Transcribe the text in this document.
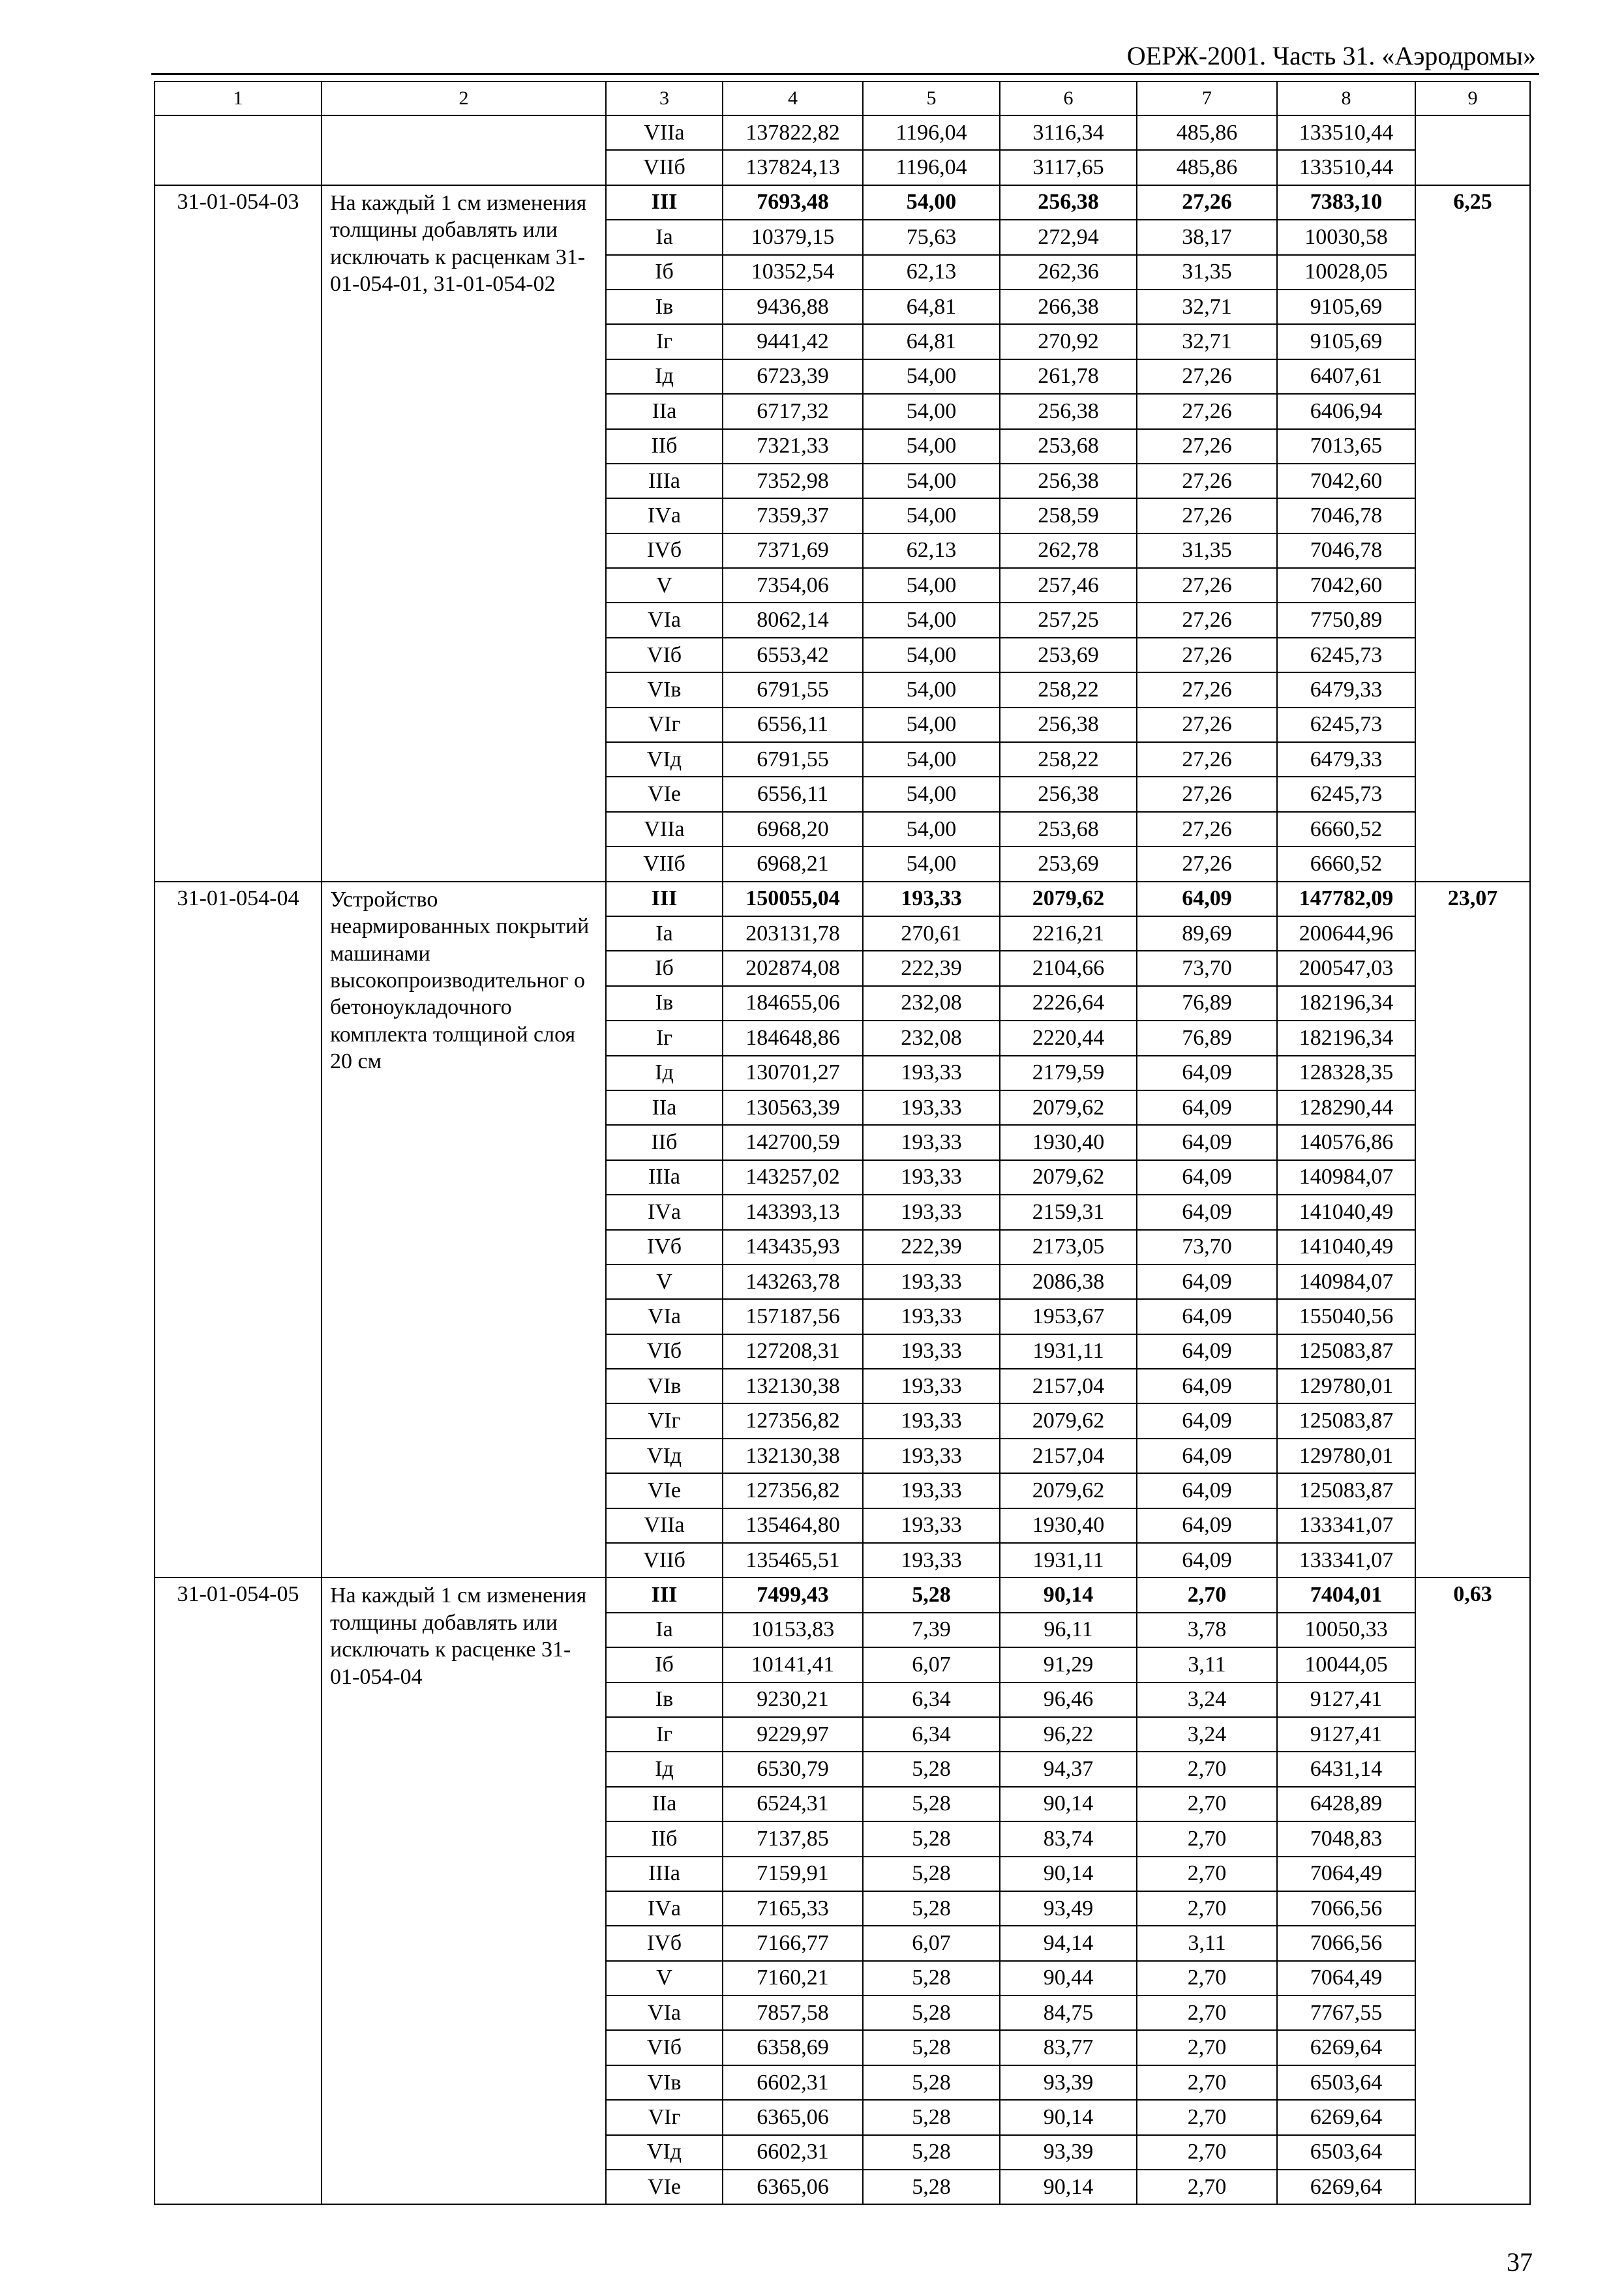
ОЕРЖ-2001. Часть 31. «Аэродромы»
1	2	3	4	5	6	7	8	9
		VIIа	137822,82	1196,04	3116,34	485,86	133510,44	
		VIIб	137824,13	1196,04	3117,65	485,86	133510,44	
31-01-054-03	На каждый 1 см изменения толщины добавлять или исключать к расценкам 31-01-054-01, 31-01-054-02	III	7693,48	54,00	256,38	27,26	7383,10	6,25
		Iа	10379,15	75,63	272,94	38,17	10030,58	
		Iб	10352,54	62,13	262,36	31,35	10028,05	
		Iв	9436,88	64,81	266,38	32,71	9105,69	
		Iг	9441,42	64,81	270,92	32,71	9105,69	
		Iд	6723,39	54,00	261,78	27,26	6407,61	
		IIа	6717,32	54,00	256,38	27,26	6406,94	
		IIб	7321,33	54,00	253,68	27,26	7013,65	
		IIIа	7352,98	54,00	256,38	27,26	7042,60	
		IVа	7359,37	54,00	258,59	27,26	7046,78	
		IVб	7371,69	62,13	262,78	31,35	7046,78	
		V	7354,06	54,00	257,46	27,26	7042,60	
		VIа	8062,14	54,00	257,25	27,26	7750,89	
		VIб	6553,42	54,00	253,69	27,26	6245,73	
		VIв	6791,55	54,00	258,22	27,26	6479,33	
		VIг	6556,11	54,00	256,38	27,26	6245,73	
		VIд	6791,55	54,00	258,22	27,26	6479,33	
		VIе	6556,11	54,00	256,38	27,26	6245,73	
		VIIа	6968,20	54,00	253,68	27,26	6660,52	
		VIIб	6968,21	54,00	253,69	27,26	6660,52	
31-01-054-04	Устройство неармированных покрытий машинами высокопроизводительног о бетоноукладочного комплекта толщиной слоя 20 см	III	150055,04	193,33	2079,62	64,09	147782,09	23,07
		Iа	203131,78	270,61	2216,21	89,69	200644,96	
		Iб	202874,08	222,39	2104,66	73,70	200547,03	
		Iв	184655,06	232,08	2226,64	76,89	182196,34	
		Iг	184648,86	232,08	2220,44	76,89	182196,34	
		Iд	130701,27	193,33	2179,59	64,09	128328,35	
		IIа	130563,39	193,33	2079,62	64,09	128290,44	
		IIб	142700,59	193,33	1930,40	64,09	140576,86	
		IIIа	143257,02	193,33	2079,62	64,09	140984,07	
		IVа	143393,13	193,33	2159,31	64,09	141040,49	
		IVб	143435,93	222,39	2173,05	73,70	141040,49	
		V	143263,78	193,33	2086,38	64,09	140984,07	
		VIа	157187,56	193,33	1953,67	64,09	155040,56	
		VIб	127208,31	193,33	1931,11	64,09	125083,87	
		VIв	132130,38	193,33	2157,04	64,09	129780,01	
		VIг	127356,82	193,33	2079,62	64,09	125083,87	
		VIд	132130,38	193,33	2157,04	64,09	129780,01	
		VIе	127356,82	193,33	2079,62	64,09	125083,87	
		VIIа	135464,80	193,33	1930,40	64,09	133341,07	
		VIIб	135465,51	193,33	1931,11	64,09	133341,07	
31-01-054-05	На каждый 1 см изменения толщины добавлять или исключать к расценке 31-01-054-04	III	7499,43	5,28	90,14	2,70	7404,01	0,63
		Iа	10153,83	7,39	96,11	3,78	10050,33	
		Iб	10141,41	6,07	91,29	3,11	10044,05	
		Iв	9230,21	6,34	96,46	3,24	9127,41	
		Iг	9229,97	6,34	96,22	3,24	9127,41	
		Iд	6530,79	5,28	94,37	2,70	6431,14	
		IIа	6524,31	5,28	90,14	2,70	6428,89	
		IIб	7137,85	5,28	83,74	2,70	7048,83	
		IIIа	7159,91	5,28	90,14	2,70	7064,49	
		IVа	7165,33	5,28	93,49	2,70	7066,56	
		IVб	7166,77	6,07	94,14	3,11	7066,56	
		V	7160,21	5,28	90,44	2,70	7064,49	
		VIа	7857,58	5,28	84,75	2,70	7767,55	
		VIб	6358,69	5,28	83,77	2,70	6269,64	
		VIв	6602,31	5,28	93,39	2,70	6503,64	
		VIг	6365,06	5,28	90,14	2,70	6269,64	
		VIд	6602,31	5,28	93,39	2,70	6503,64	
		VIе	6365,06	5,28	90,14	2,70	6269,64	
37
